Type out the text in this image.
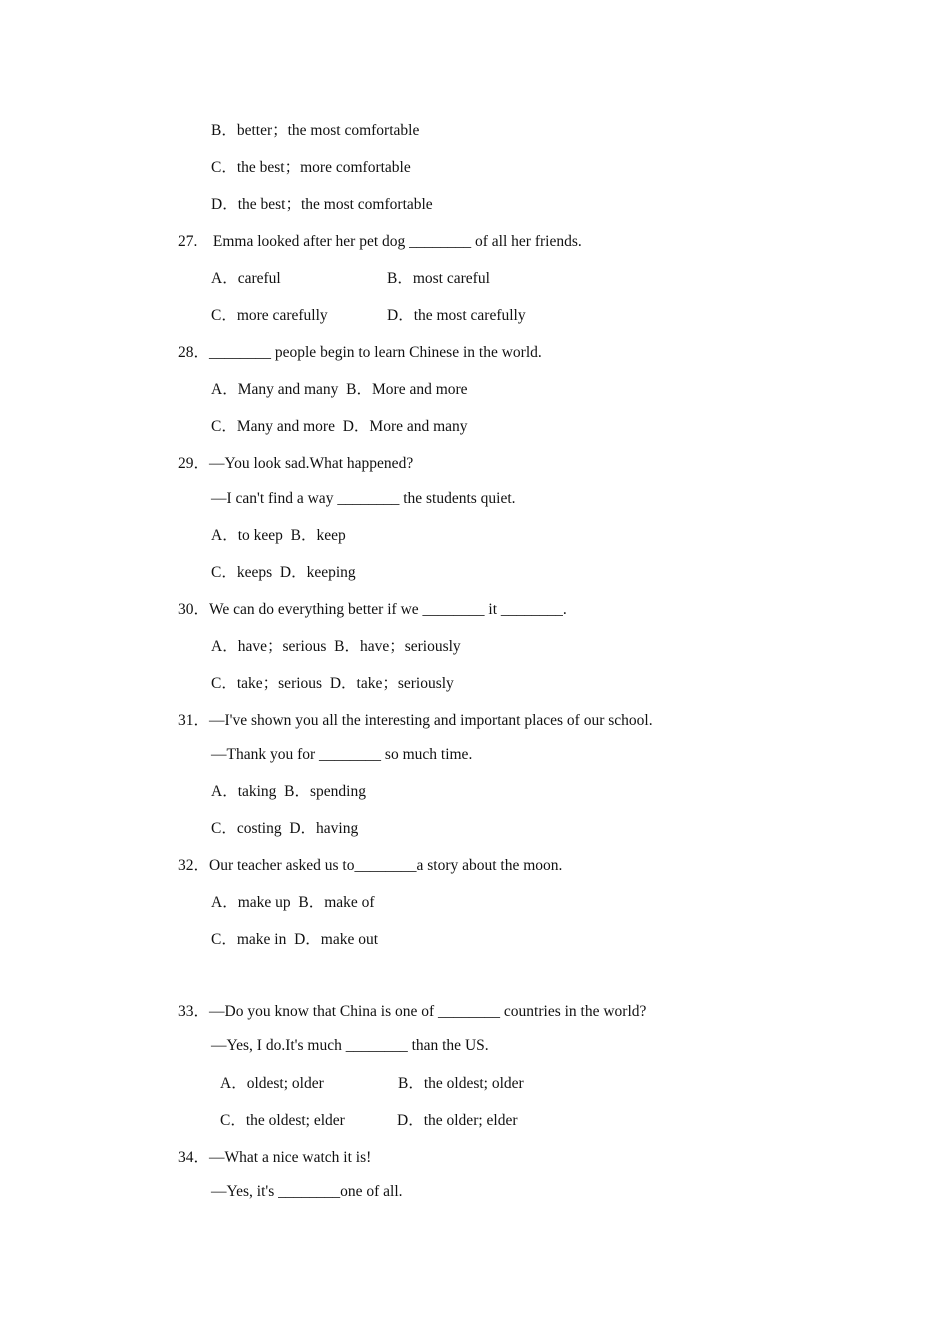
B．better；the most comfortable
C．the best；more comfortable
D．the best；the most comfortable
27.    Emma looked after her pet dog ________ of all her friends.
A．careful	B．most careful
C．more carefully	D．the most carefully
28．________ people begin to learn Chinese in the world.
A．Many and many  B．More and more
C．Many and more  D．More and many
29．—You look sad.What happened?
—I can't find a way ________ the students quiet.
A．to keep  B．keep
C．keeps  D．keeping
30．We can do everything better if we ________ it ________.
A．have；serious  B．have；seriously
C．take；serious  D．take；seriously
31．—I've shown you all the interesting and important places of our school.
—Thank you for ________ so much time.
A．taking  B．spending
C．costing  D．having
32．Our teacher asked us to________a story about the moon.
A．make up  B．make of
C．make in  D．make out
33．—Do you know that China is one of ________ countries in the world?
—Yes, I do.It's much ________ than the US.
A．oldest; older	B．the oldest; older
C．the oldest; elder	D．the older; elder
34．—What a nice watch it is!
—Yes, it's ________one of all.
